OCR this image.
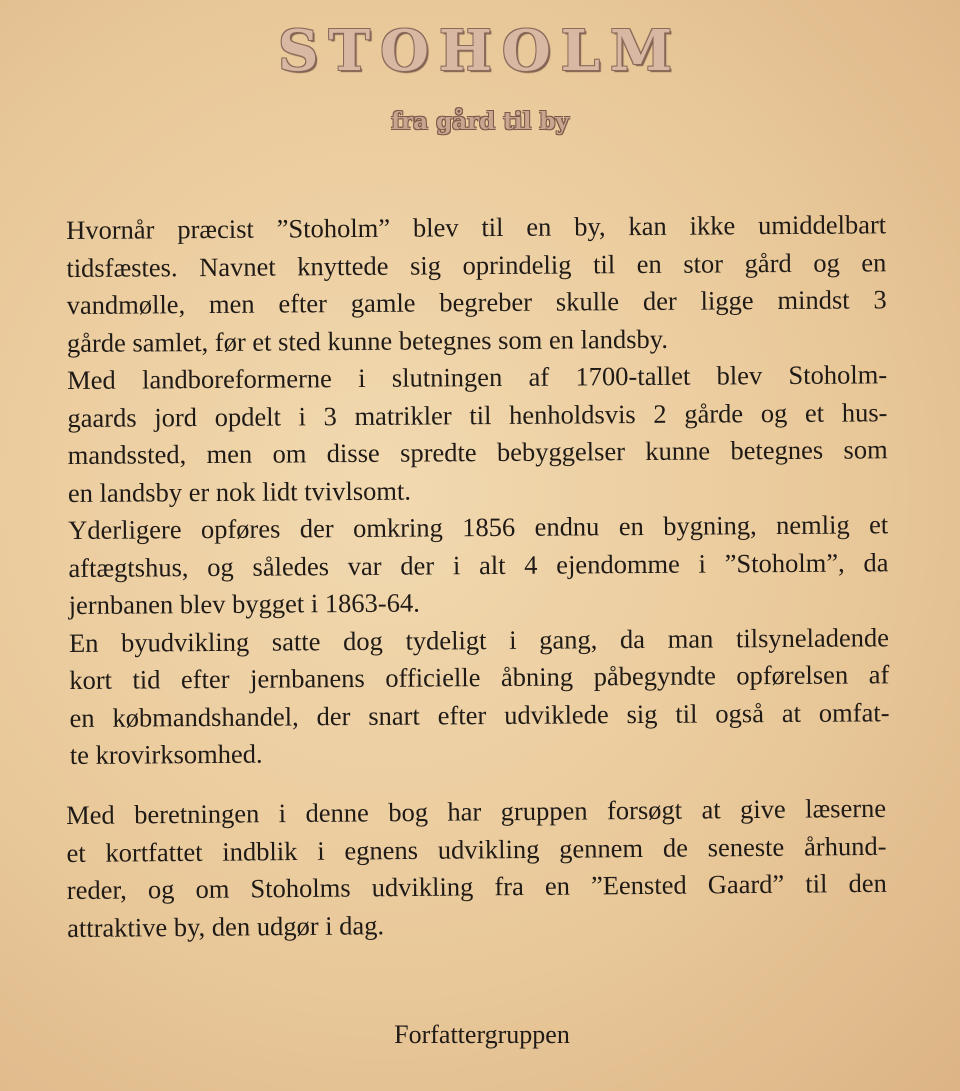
STOHOLM
fra gård til by
Hvornår præcist ”Stoholm” blev til en by, kan ikke umiddelbart
tidsfæstes. Navnet knyttede sig oprindelig til en stor gård og en
vandmølle, men efter gamle begreber skulle der ligge mindst 3
gårde samlet, før et sted kunne betegnes som en landsby.
Med landboreformerne i slutningen af 1700-tallet blev Stoholm-
gaards jord opdelt i 3 matrikler til henholdsvis 2 gårde og et hus-
mandssted, men om disse spredte bebyggelser kunne betegnes som
en landsby er nok lidt tvivlsomt.
Yderligere opføres der omkring 1856 endnu en bygning, nemlig et
aftægtshus, og således var der i alt 4 ejendomme i ”Stoholm”, da
jernbanen blev bygget i 1863-64.
En byudvikling satte dog tydeligt i gang, da man tilsyneladende
kort tid efter jernbanens officielle åbning påbegyndte opførelsen af
en købmandshandel, der snart efter udviklede sig til også at omfat-
te krovirksomhed.
Med beretningen i denne bog har gruppen forsøgt at give læserne
et kortfattet indblik i egnens udvikling gennem de seneste århund-
reder, og om Stoholms udvikling fra en ”Eensted Gaard” til den
attraktive by, den udgør i dag.
Forfattergruppen
